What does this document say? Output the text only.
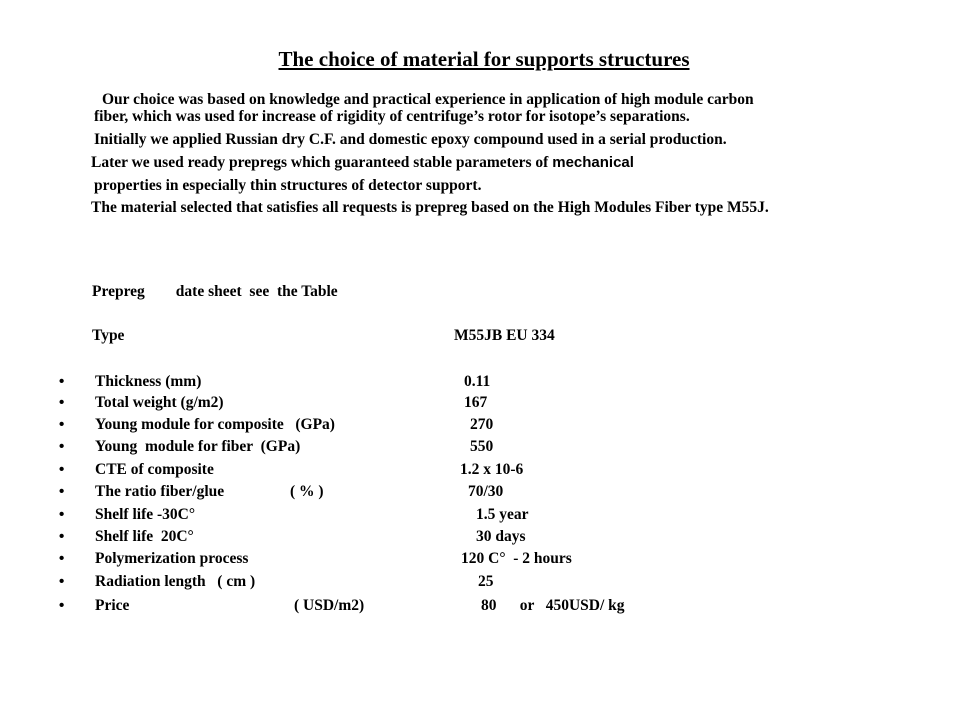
The choice of material for supports structures
Our choice was based on knowledge and practical experience in application of high module carbon
fiber, which was used for increase of rigidity of centrifuge’s rotor for isotope’s separations.
Initially we applied Russian dry C.F. and domestic epoxy compound used in a serial production.
Later we used ready prepregs which guaranteed stable parameters of mechanical
properties in especially thin structures of detector support.
The material selected that satisfies all requests is prepreg based on the High Modules Fiber type M55J.
Prepreg        date sheet  see  the Table
Type	M55JB EU 334
• Thickness (mm)	0.11
• Total weight (g/m2)	167
• Young module for composite   (GPa)	270
• Young  module for fiber  (GPa)	550
• CTE of composite	1.2 x 10-6
• The ratio fiber/glue	( % )	70/30
• Shelf life -30C°	1.5 year
• Shelf life  20C°	30 days
• Polymerization process	120 C°  - 2 hours
• Radiation length   ( cm )	25
• Price	( USD/m2)	80      or   450USD/ kg
